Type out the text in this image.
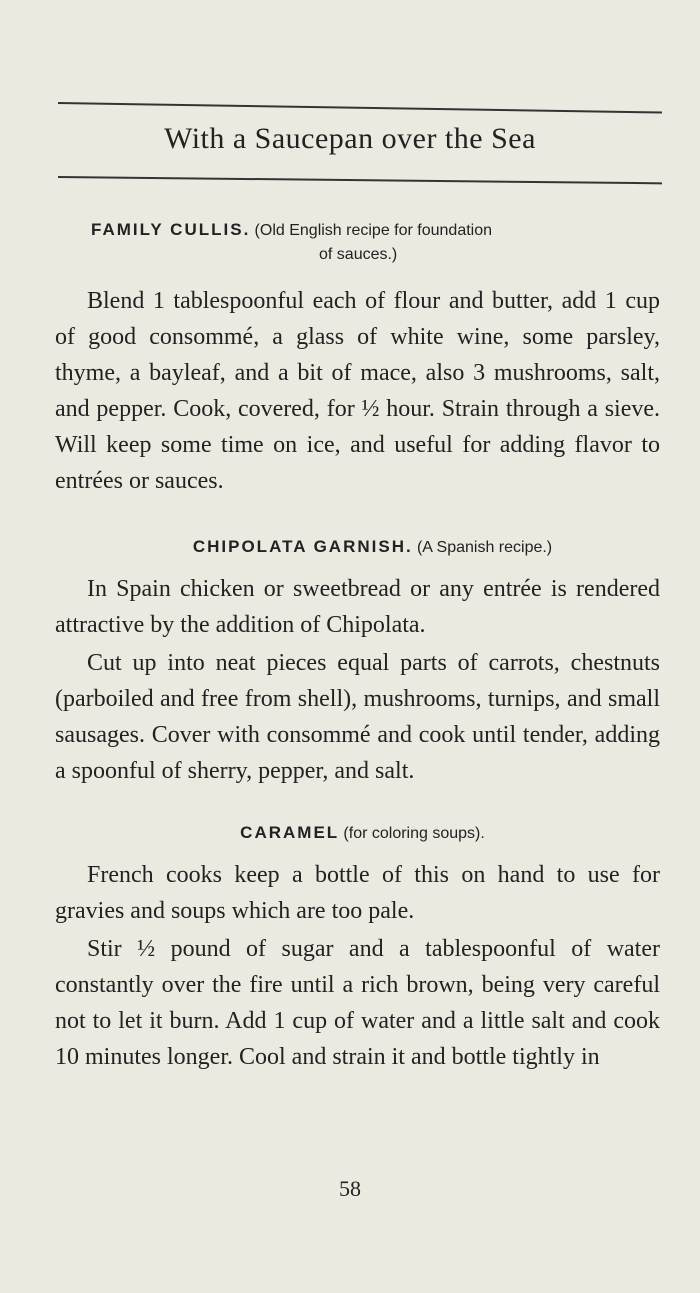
With a Saucepan over the Sea
FAMILY CULLIS. (Old English recipe for foundation
of sauces.)

Blend 1 tablespoonful each of flour and butter, add 1 cup of good consommé, a glass of white wine, some parsley, thyme, a bayleaf, and a bit of mace, also 3 mushrooms, salt, and pepper. Cook, covered, for ½ hour. Strain through a sieve. Will keep some time on ice, and useful for adding flavor to entrées or sauces.

CHIPOLATA GARNISH. (A Spanish recipe.)

In Spain chicken or sweetbread or any entrée is rendered attractive by the addition of Chipolata.

Cut up into neat pieces equal parts of carrots, chestnuts (parboiled and free from shell), mushrooms, turnips, and small sausages. Cover with consommé and cook until tender, adding a spoonful of sherry, pepper, and salt.

CARAMEL (for coloring soups).

French cooks keep a bottle of this on hand to use for gravies and soups which are too pale.

Stir ½ pound of sugar and a tablespoonful of water constantly over the fire until a rich brown, being very careful not to let it burn. Add 1 cup of water and a little salt and cook 10 minutes longer. Cool and strain it and bottle tightly in

58
